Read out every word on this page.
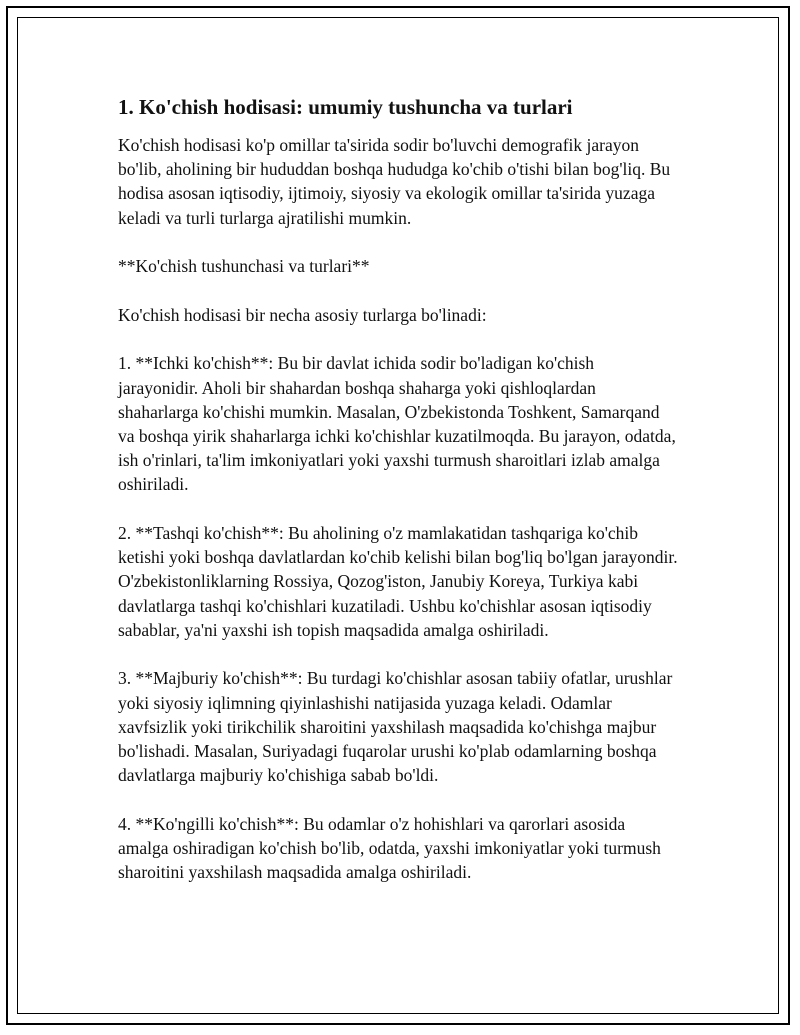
1. Ko'chish hodisasi: umumiy tushuncha va turlari

Ko'chish hodisasi ko'p omillar ta'sirida sodir bo'luvchi demografik jarayon bo'lib, aholining bir hududdan boshqa hududga ko'chib o'tishi bilan bog'liq. Bu hodisa asosan iqtisodiy, ijtimoiy, siyosiy va ekologik omillar ta'sirida yuzaga keladi va turli turlarga ajratilishi mumkin.

**Ko'chish tushunchasi va turlari**

Ko'chish hodisasi bir necha asosiy turlarga bo'linadi:

1. **Ichki ko'chish**: Bu bir davlat ichida sodir bo'ladigan ko'chish jarayonidir. Aholi bir shahardan boshqa shaharga yoki qishloqlardan shaharlarga ko'chishi mumkin. Masalan, O'zbekistonda Toshkent, Samarqand va boshqa yirik shaharlarga ichki ko'chishlar kuzatilmoqda. Bu jarayon, odatda, ish o'rinlari, ta'lim imkoniyatlari yoki yaxshi turmush sharoitlari izlab amalga oshiriladi.

2. **Tashqi ko'chish**: Bu aholining o'z mamlakatidan tashqariga ko'chib ketishi yoki boshqa davlatlardan ko'chib kelishi bilan bog'liq bo'lgan jarayondir. O'zbekistonliklarning Rossiya, Qozog'iston, Janubiy Koreya, Turkiya kabi davlatlarga tashqi ko'chishlari kuzatiladi. Ushbu ko'chishlar asosan iqtisodiy sabablar, ya'ni yaxshi ish topish maqsadida amalga oshiriladi.

3. **Majburiy ko'chish**: Bu turdagi ko'chishlar asosan tabiiy ofatlar, urushlar yoki siyosiy iqlimning qiyinlashishi natijasida yuzaga keladi. Odamlar xavfsizlik yoki tirikchilik sharoitini yaxshilash maqsadida ko'chishga majbur bo'lishadi. Masalan, Suriyadagi fuqarolar urushi ko'plab odamlarning boshqa davlatlarga majburiy ko'chishiga sabab bo'ldi.

4. **Ko'ngilli ko'chish**: Bu odamlar o'z hohishlari va qarorlari asosida amalga oshiradigan ko'chish bo'lib, odatda, yaxshi imkoniyatlar yoki turmush sharoitini yaxshilash maqsadida amalga oshiriladi.
